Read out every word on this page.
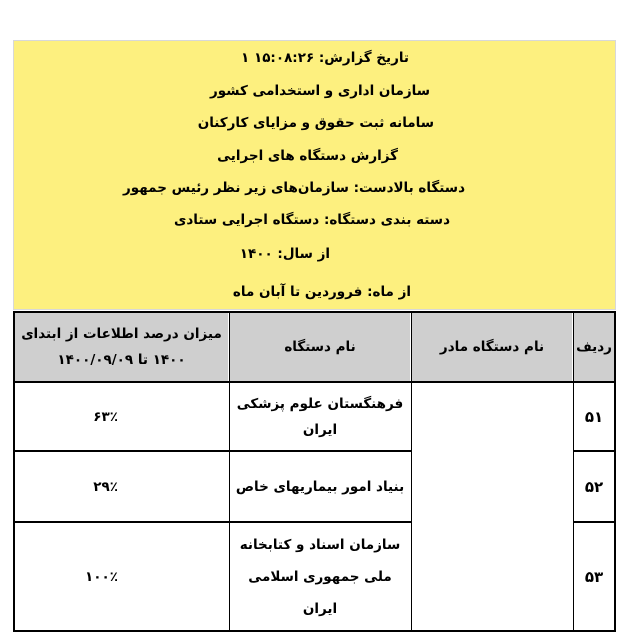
تاریخ گزارش: ۱۵:۰۸:۲۶ ۱
سازمان اداری و استخدامی کشور
سامانه ثبت حقوق و مزایای کارکنان
گزارش دستگاه های اجرایی
دستگاه بالادست: سازمان‌های زیر نظر رئیس جمهور
دسته بندی دستگاه: دستگاه اجرایی ستادی
از سال: ۱۴۰۰
از ماه: فروردین تا آبان ماه
ردیف
نام دستگاه مادر
نام دستگاه
میزان درصد اطلاعات از ابتدای
۱۴۰۰ تا ۱۴۰۰/۰۹/۰۹
۵۱
فرهنگستان علوم پزشکی
ایران
۶۳٪
۵۲
بنیاد امور بیماریهای خاص
۲۹٪
۵۳
سازمان اسناد و کتابخانه
ملی جمهوری اسلامی ایران
۱۰۰٪
